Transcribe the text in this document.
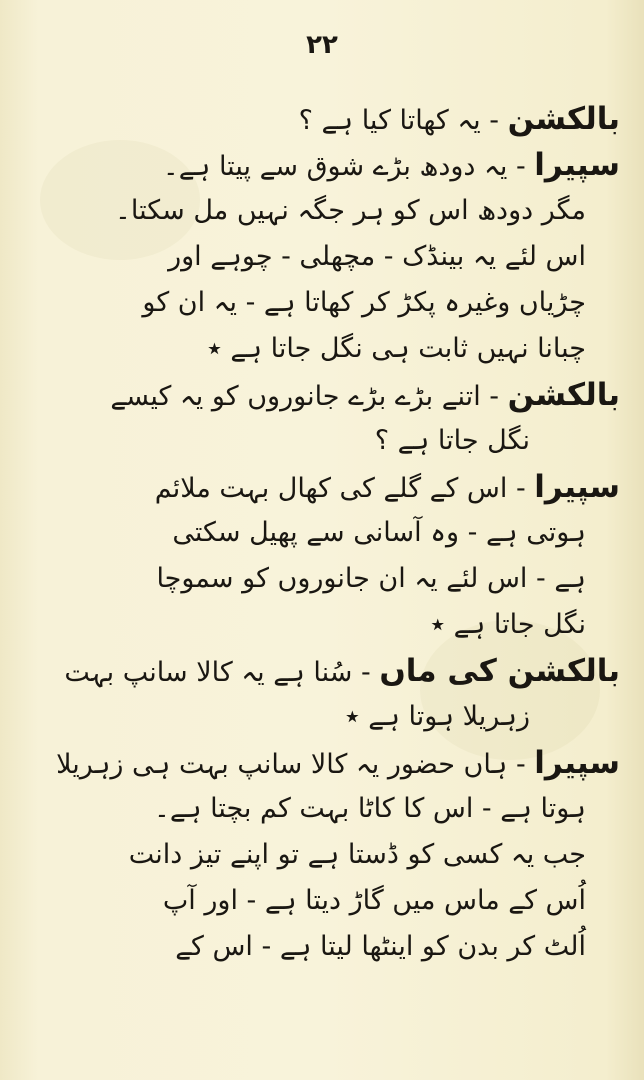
۲۲
بالکشن - یہ کھاتا کیا ہے ؟
سپیرا - یہ دودھ بڑے شوق سے پیتا ہے۔
مگر دودھ اس کو ہر جگہ نہیں مل سکتا۔
اس لئے یہ بینڈک - مچھلی - چوہے اور
چڑیاں وغیرہ پکڑ کر کھاتا ہے - یہ ان کو
چبانا نہیں ثابت ہی نگل جاتا ہے ٭
بالکشن - اتنے بڑے بڑے جانوروں کو یہ کیسے
نگل جاتا ہے ؟
سپیرا - اس کے گلے کی کھال بہت ملائم
ہوتی ہے - وہ آسانی سے پھیل سکتی
ہے - اس لئے یہ ان جانوروں کو سموچا
نگل جاتا ہے ٭
بالکشن کی ماں - سُنا ہے یہ کالا سانپ بہت
زہریلا ہوتا ہے ٭
سپیرا - ہاں حضور یہ کالا سانپ بہت ہی زہریلا
ہوتا ہے - اس کا کاٹا بہت کم بچتا ہے۔
جب یہ کسی کو ڈستا ہے تو اپنے تیز دانت
اُس کے ماس میں گاڑ دیتا ہے - اور آپ
اُلٹ کر بدن کو اینٹھا لیتا ہے - اس کے
